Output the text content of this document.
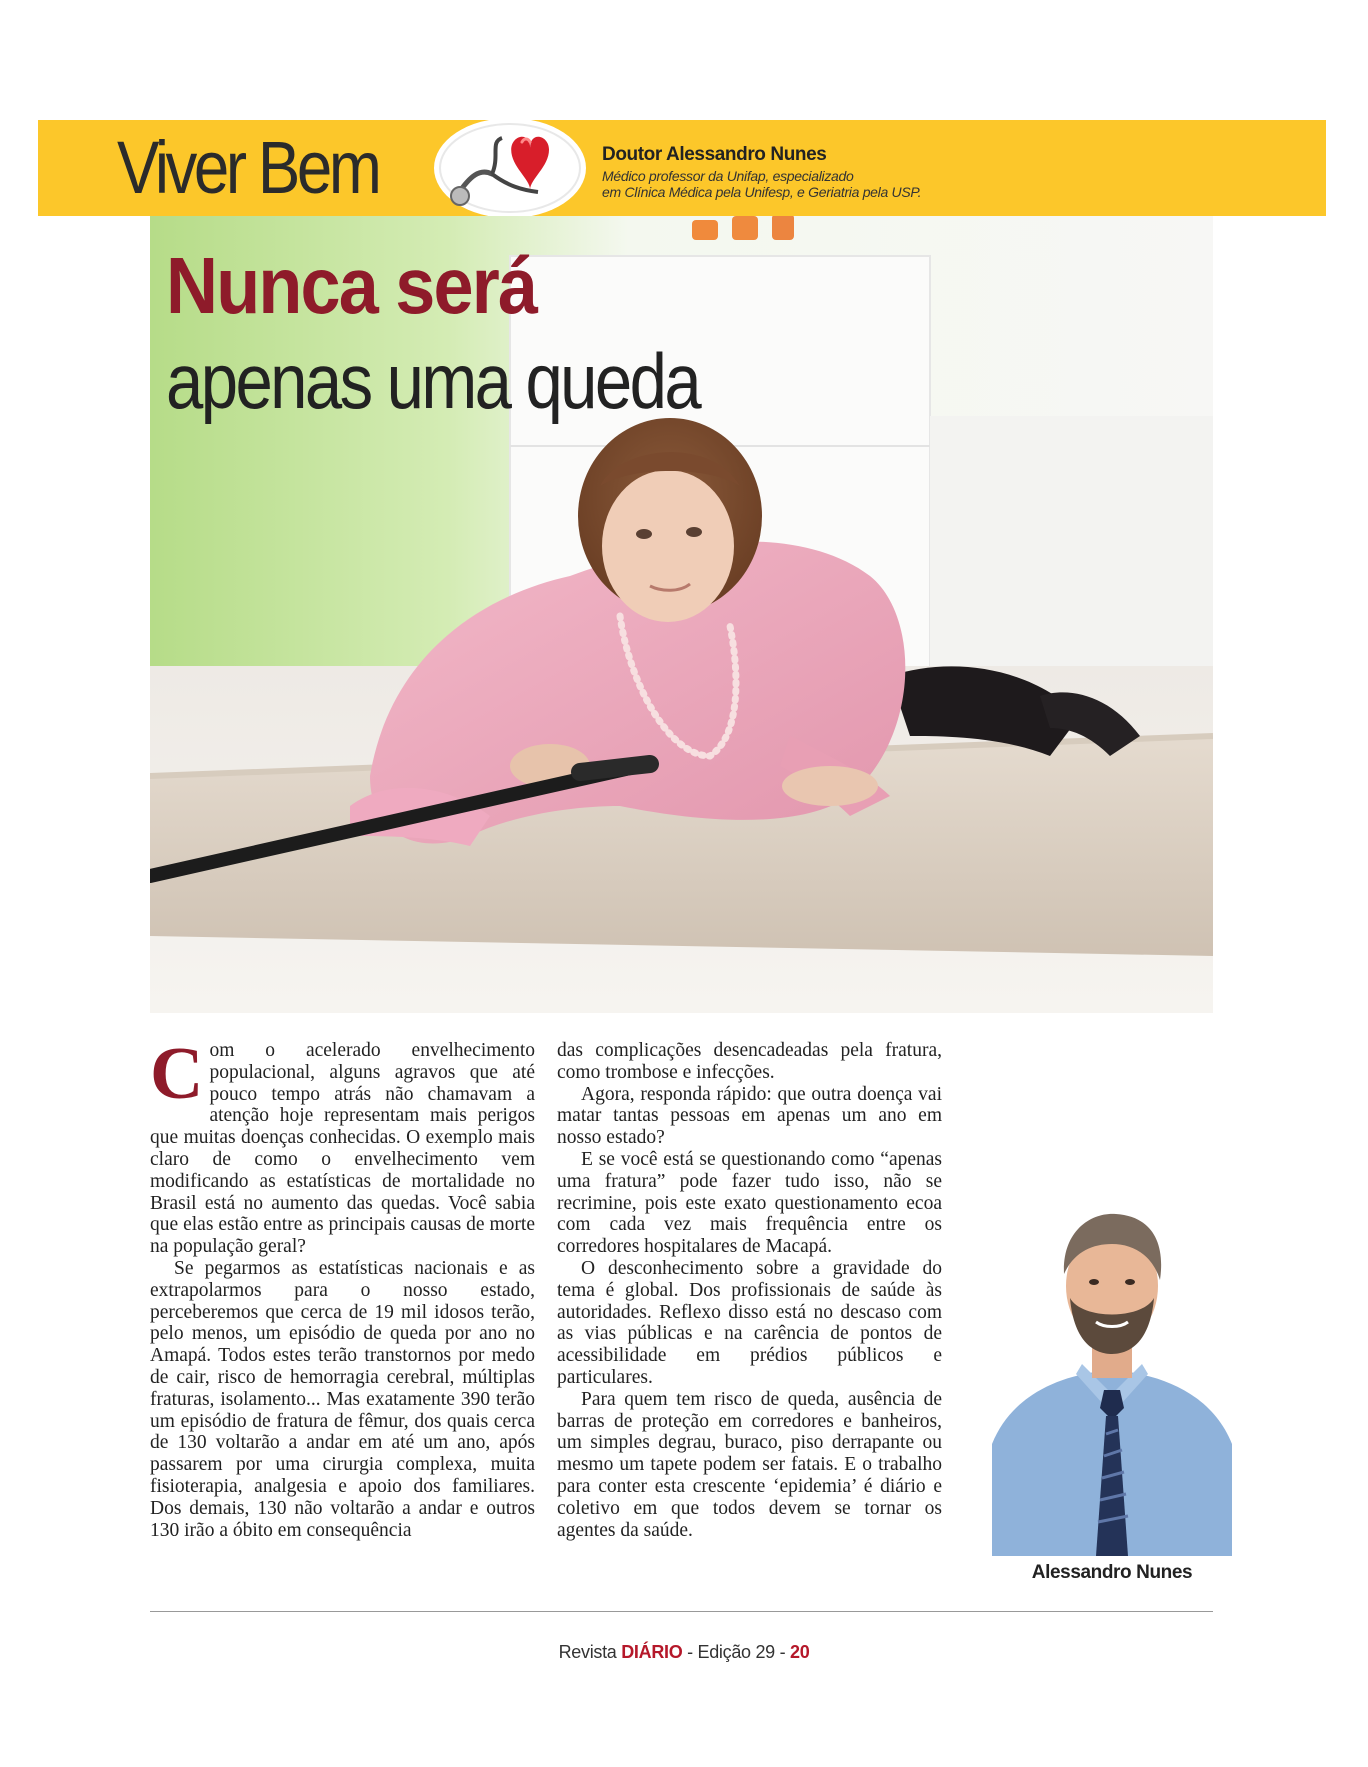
Viver Bem	Doutor Alessandro Nunes
Médico professor da Unifap, especializado
em Clínica Médica pela Unifesp, e Geriatria pela USP.
Nunca será
apenas uma queda

Com o acelerado envelhecimento populacional, alguns agravos que até pouco tempo atrás não chamavam a atenção hoje representam mais perigos que muitas doenças conhecidas. O exemplo mais claro de como o envelhecimento vem modificando as estatísticas de mortalidade no Brasil está no aumento das quedas. Você sabia que elas estão entre as principais causas de morte na população geral?

Se pegarmos as estatísticas nacionais e as extrapolarmos para o nosso estado, perceberemos que cerca de 19 mil idosos terão, pelo menos, um episódio de queda por ano no Amapá. Todos estes terão transtornos por medo de cair, risco de hemorragia cerebral, múltiplas fraturas, isolamento... Mas exatamente 390 terão um episódio de fratura de fêmur, dos quais cerca de 130 voltarão a andar em até um ano, após passarem por uma cirurgia complexa, muita fisioterapia, analgesia e apoio dos familiares. Dos demais, 130 não voltarão a andar e outros 130 irão a óbito em consequência

das complicações desencadeadas pela fratura, como trombose e infecções.

Agora, responda rápido: que outra doença vai matar tantas pessoas em apenas um ano em nosso estado?

E se você está se questionando como “apenas uma fratura” pode fazer tudo isso, não se recrimine, pois este exato questionamento ecoa com cada vez mais frequência entre os corredores hospitalares de Macapá.

O desconhecimento sobre a gravidade do tema é global. Dos profissionais de saúde às autoridades. Reflexo disso está no descaso com as vias públicas e na carência de pontos de acessibilidade em prédios públicos e particulares.

Para quem tem risco de queda, ausência de barras de proteção em corredores e banheiros, um simples degrau, buraco, piso derrapante ou mesmo um tapete podem ser fatais. E o trabalho para conter esta crescente ‘epidemia’ é diário e coletivo em que todos devem se tornar os agentes da saúde.

Alessandro Nunes
Revista DIÁRIO - Edição 29 - 20
